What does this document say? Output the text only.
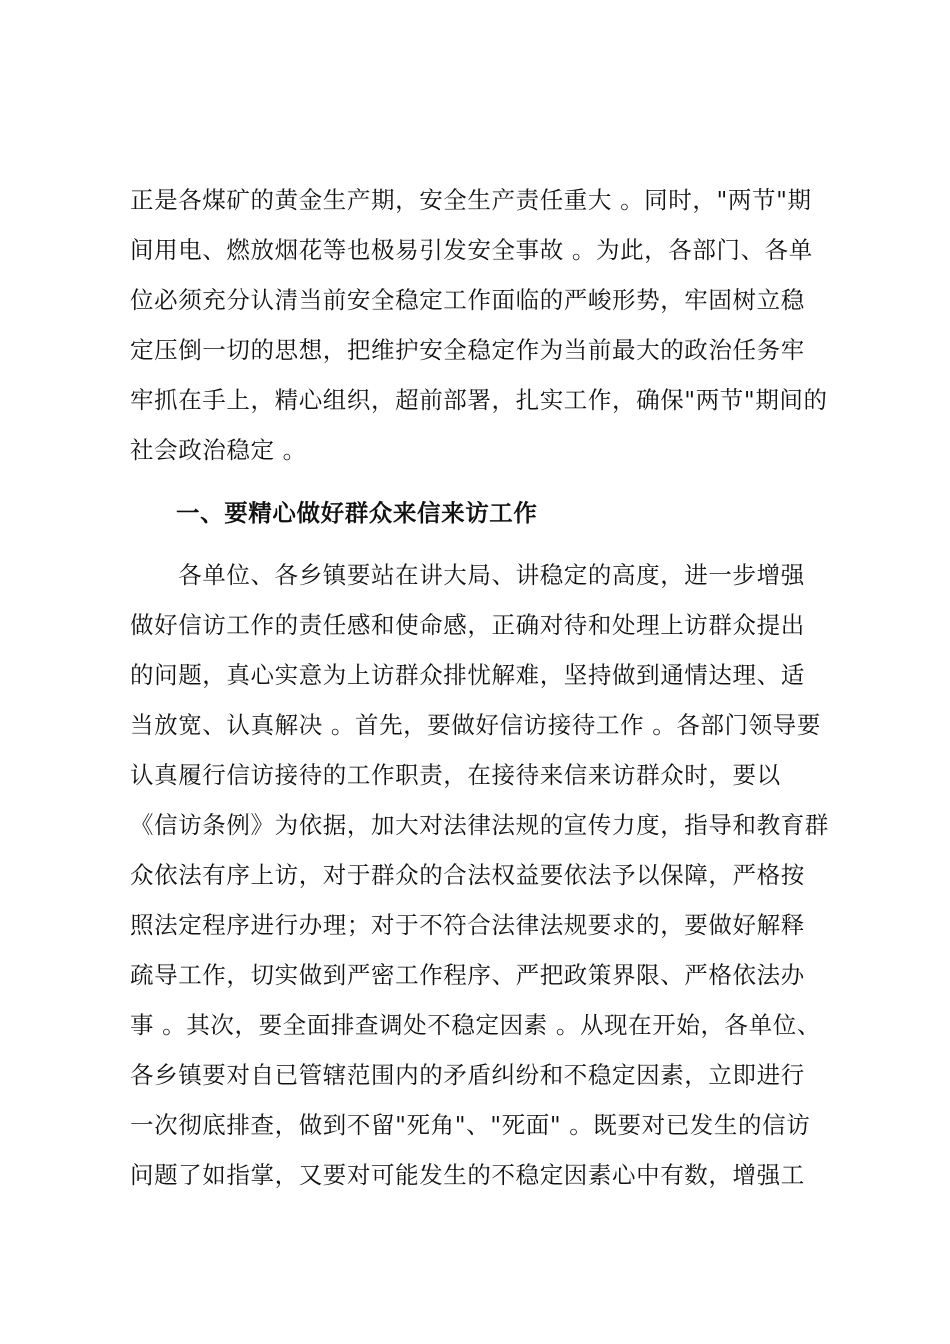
正是各煤矿的黄金生产期，安全生产责任重大 。同时，"两节"期
间用电、燃放烟花等也极易引发安全事故 。为此，各部门、各单
位必须充分认清当前安全稳定工作面临的严峻形势，牢固树立稳
定压倒一切的思想，把维护安全稳定作为当前最大的政治任务牢
牢抓在手上，精心组织，超前部署，扎实工作，确保"两节"期间的
社会政治稳定 。
一、要精心做好群众来信来访工作
　　各单位、各乡镇要站在讲大局、讲稳定的高度，进一步增强
做好信访工作的责任感和使命感，正确对待和处理上访群众提出
的问题，真心实意为上访群众排忧解难，坚持做到通情达理、适
当放宽、认真解决 。首先，要做好信访接待工作 。各部门领导要
认真履行信访接待的工作职责，在接待来信来访群众时，要以
《信访条例》为依据，加大对法律法规的宣传力度，指导和教育群
众依法有序上访，对于群众的合法权益要依法予以保障，严格按
照法定程序进行办理；对于不符合法律法规要求的，要做好解释
疏导工作，切实做到严密工作程序、严把政策界限、严格依法办
事 。其次，要全面排查调处不稳定因素 。从现在开始，各单位、
各乡镇要对自已管辖范围内的矛盾纠纷和不稳定因素，立即进行
一次彻底排查，做到不留"死角"、"死面" 。既要对已发生的信访
问题了如指掌，又要对可能发生的不稳定因素心中有数，增强工
